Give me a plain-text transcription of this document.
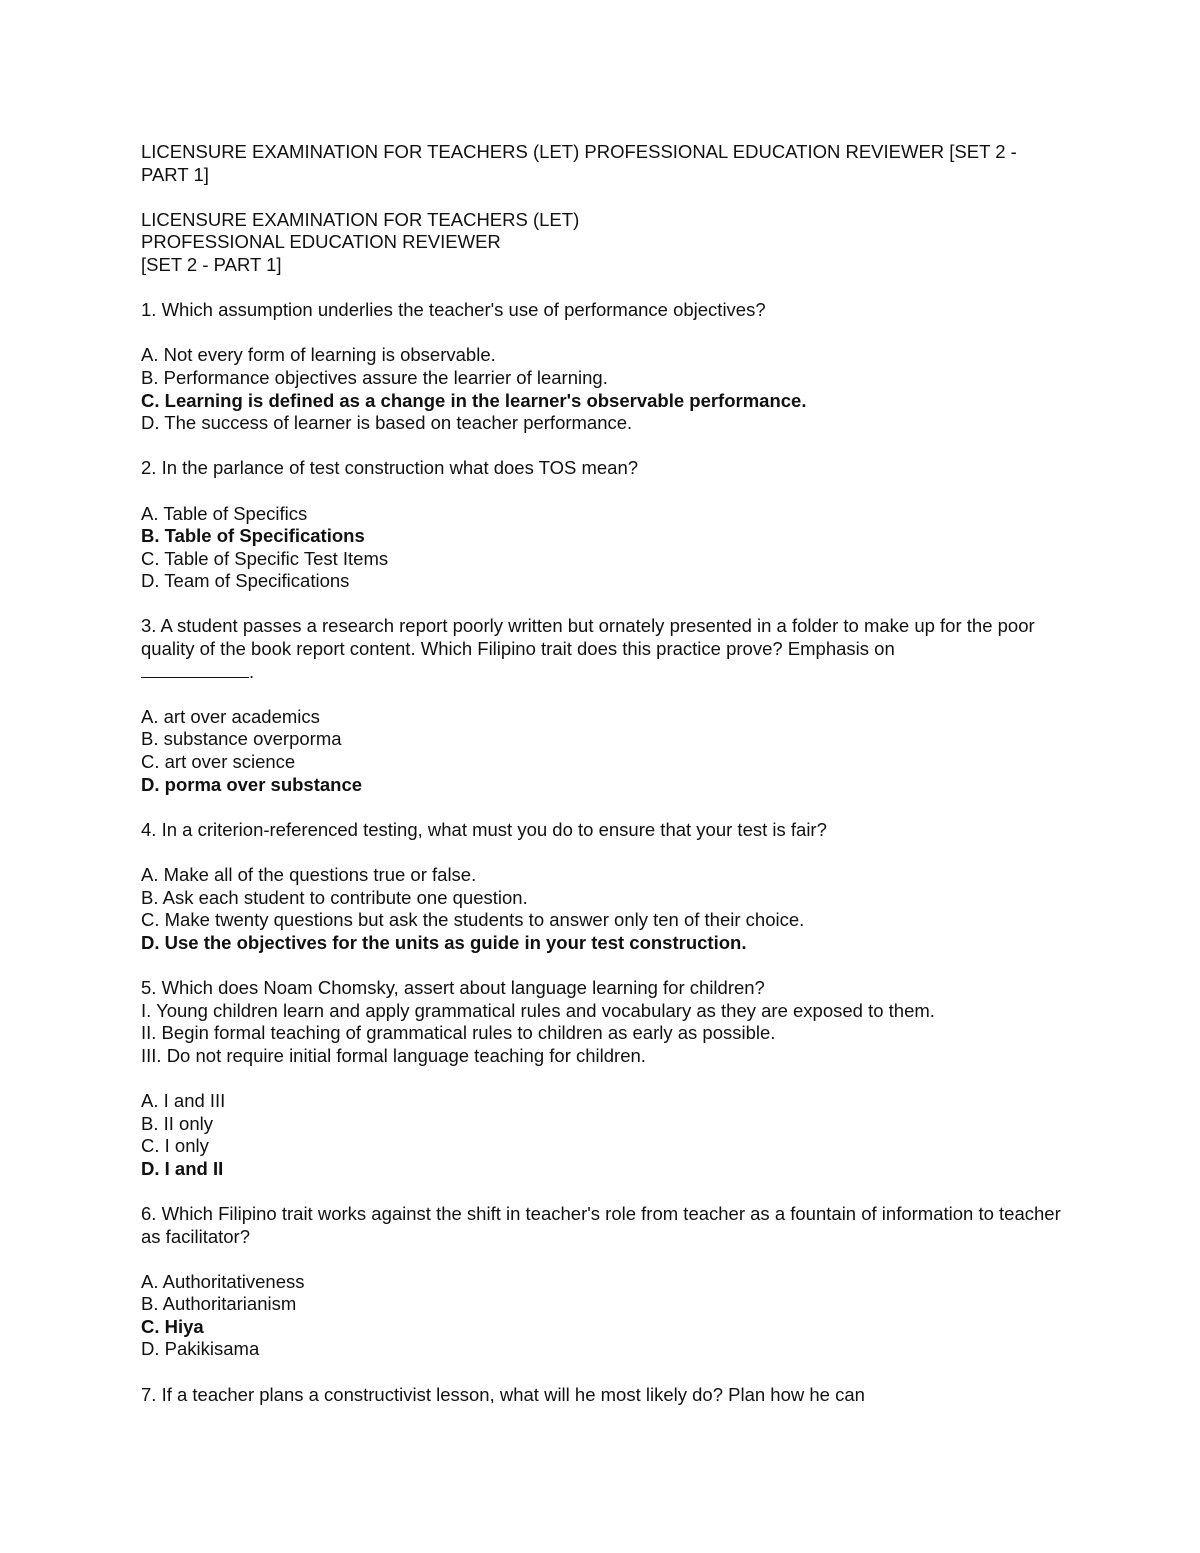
LICENSURE EXAMINATION FOR TEACHERS (LET) PROFESSIONAL EDUCATION REVIEWER [SET 2 - PART 1]

LICENSURE EXAMINATION FOR TEACHERS (LET)
PROFESSIONAL EDUCATION REVIEWER
[SET 2 - PART 1]

1. Which assumption underlies the teacher's use of performance objectives?

A. Not every form of learning is observable.
B. Performance objectives assure the learrier of learning.
C. Learning is defined as a change in the learner's observable performance.
D. The success of learner is based on teacher performance.

2. In the parlance of test construction what does TOS mean?

A. Table of Specifics
B. Table of Specifications
C. Table of Specific Test Items
D. Team of Specifications

3. A student passes a research report poorly written but ornately presented in a folder to make up for the poor quality of the book report content. Which Filipino trait does this practice prove? Emphasis on
.

A. art over academics
B. substance overporma
C. art over science
D. porma over substance

4. In a criterion-referenced testing, what must you do to ensure that your test is fair?

A. Make all of the questions true or false.
B. Ask each student to contribute one question.
C. Make twenty questions but ask the students to answer only ten of their choice.
D. Use the objectives for the units as guide in your test construction.
5. Which does Noam Chomsky, assert about language learning for children?
I. Young children learn and apply grammatical rules and vocabulary as they are exposed to them.
II. Begin formal teaching of grammatical rules to children as early as possible.
III. Do not require initial formal language teaching for children.
A. I and III
B. II only
C. I only
D. I and II

6. Which Filipino trait works against the shift in teacher's role from teacher as a fountain of information to teacher as facilitator?

A. Authoritativeness
B. Authoritarianism
C. Hiya
D. Pakikisama

7. If a teacher plans a constructivist lesson, what will he most likely do? Plan how he can
